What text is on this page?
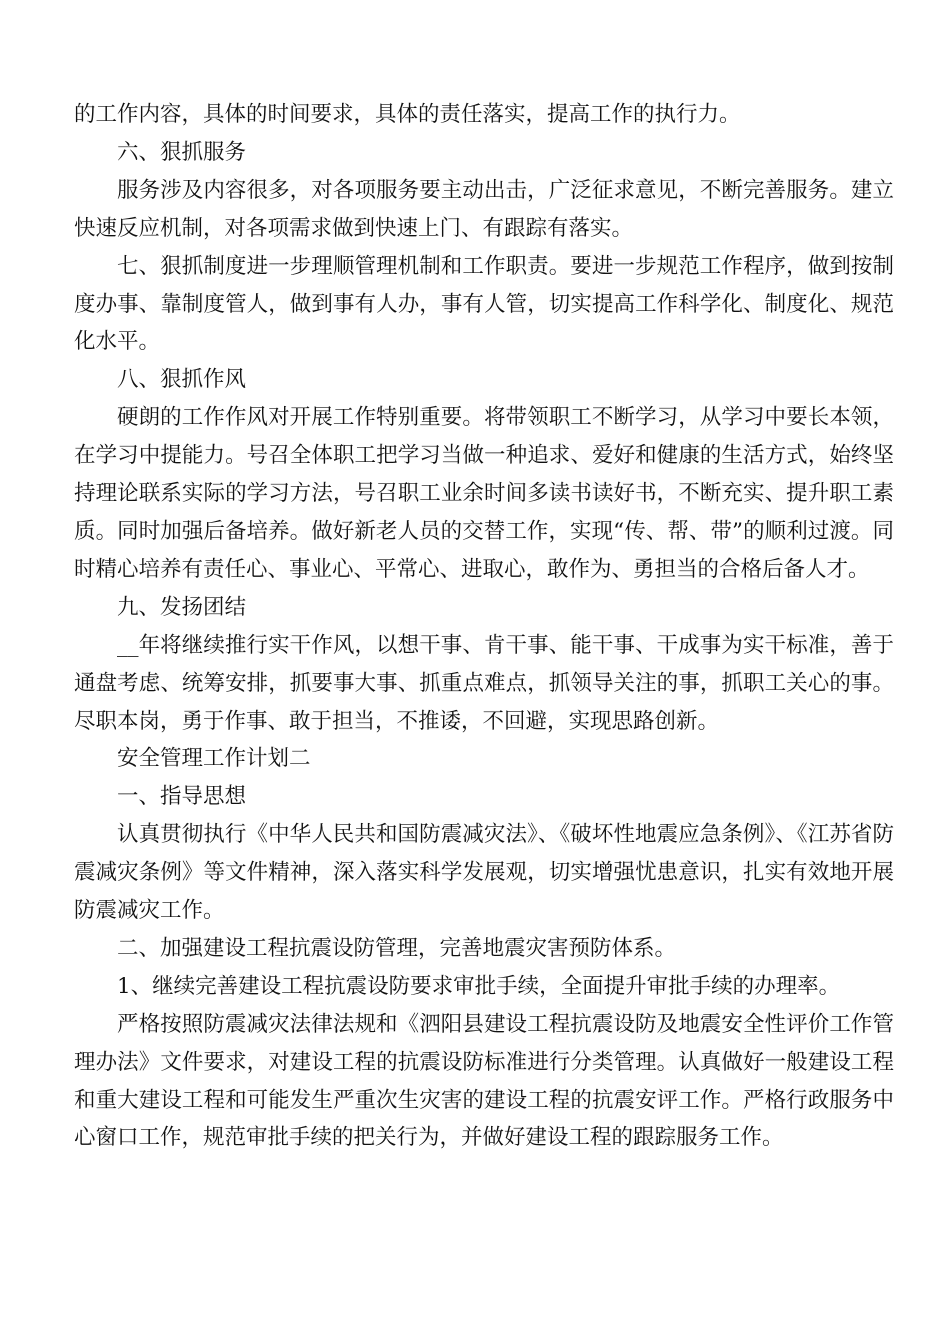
的工作内容，具体的时间要求，具体的责任落实，提高工作的执行力。

六、狠抓服务

服务涉及内容很多，对各项服务要主动出击，广泛征求意见，不断完善服务。建立快速反应机制，对各项需求做到快速上门、有跟踪有落实。

七、狠抓制度进一步理顺管理机制和工作职责。要进一步规范工作程序，做到按制度办事、靠制度管人，做到事有人办，事有人管，切实提高工作科学化、制度化、规范化水平。

八、狠抓作风

硬朗的工作作风对开展工作特别重要。将带领职工不断学习，从学习中要长本领，在学习中提能力。号召全体职工把学习当做一种追求、爱好和健康的生活方式，始终坚持理论联系实际的学习方法，号召职工业余时间多读书读好书，不断充实、提升职工素质。同时加强后备培养。做好新老人员的交替工作，实现“传、帮、带”的顺利过渡。同时精心培养有责任心、事业心、平常心、进取心，敢作为、勇担当的合格后备人才。

九、发扬团结

__年将继续推行实干作风，以想干事、肯干事、能干事、干成事为实干标准，善于通盘考虑、统筹安排，抓要事大事、抓重点难点，抓领导关注的事，抓职工关心的事。尽职本岗，勇于作事、敢于担当，不推诿，不回避，实现思路创新。

安全管理工作计划二

一、指导思想

认真贯彻执行《中华人民共和国防震减灾法》、《破坏性地震应急条例》、《江苏省防震减灾条例》等文件精神，深入落实科学发展观，切实增强忧患意识，扎实有效地开展防震减灾工作。

二、加强建设工程抗震设防管理，完善地震灾害预防体系。

1、继续完善建设工程抗震设防要求审批手续，全面提升审批手续的办理率。

严格按照防震减灾法律法规和《泗阳县建设工程抗震设防及地震安全性评价工作管理办法》文件要求，对建设工程的抗震设防标准进行分类管理。认真做好一般建设工程和重大建设工程和可能发生严重次生灾害的建设工程的抗震安评工作。严格行政服务中心窗口工作，规范审批手续的把关行为，并做好建设工程的跟踪服务工作。
